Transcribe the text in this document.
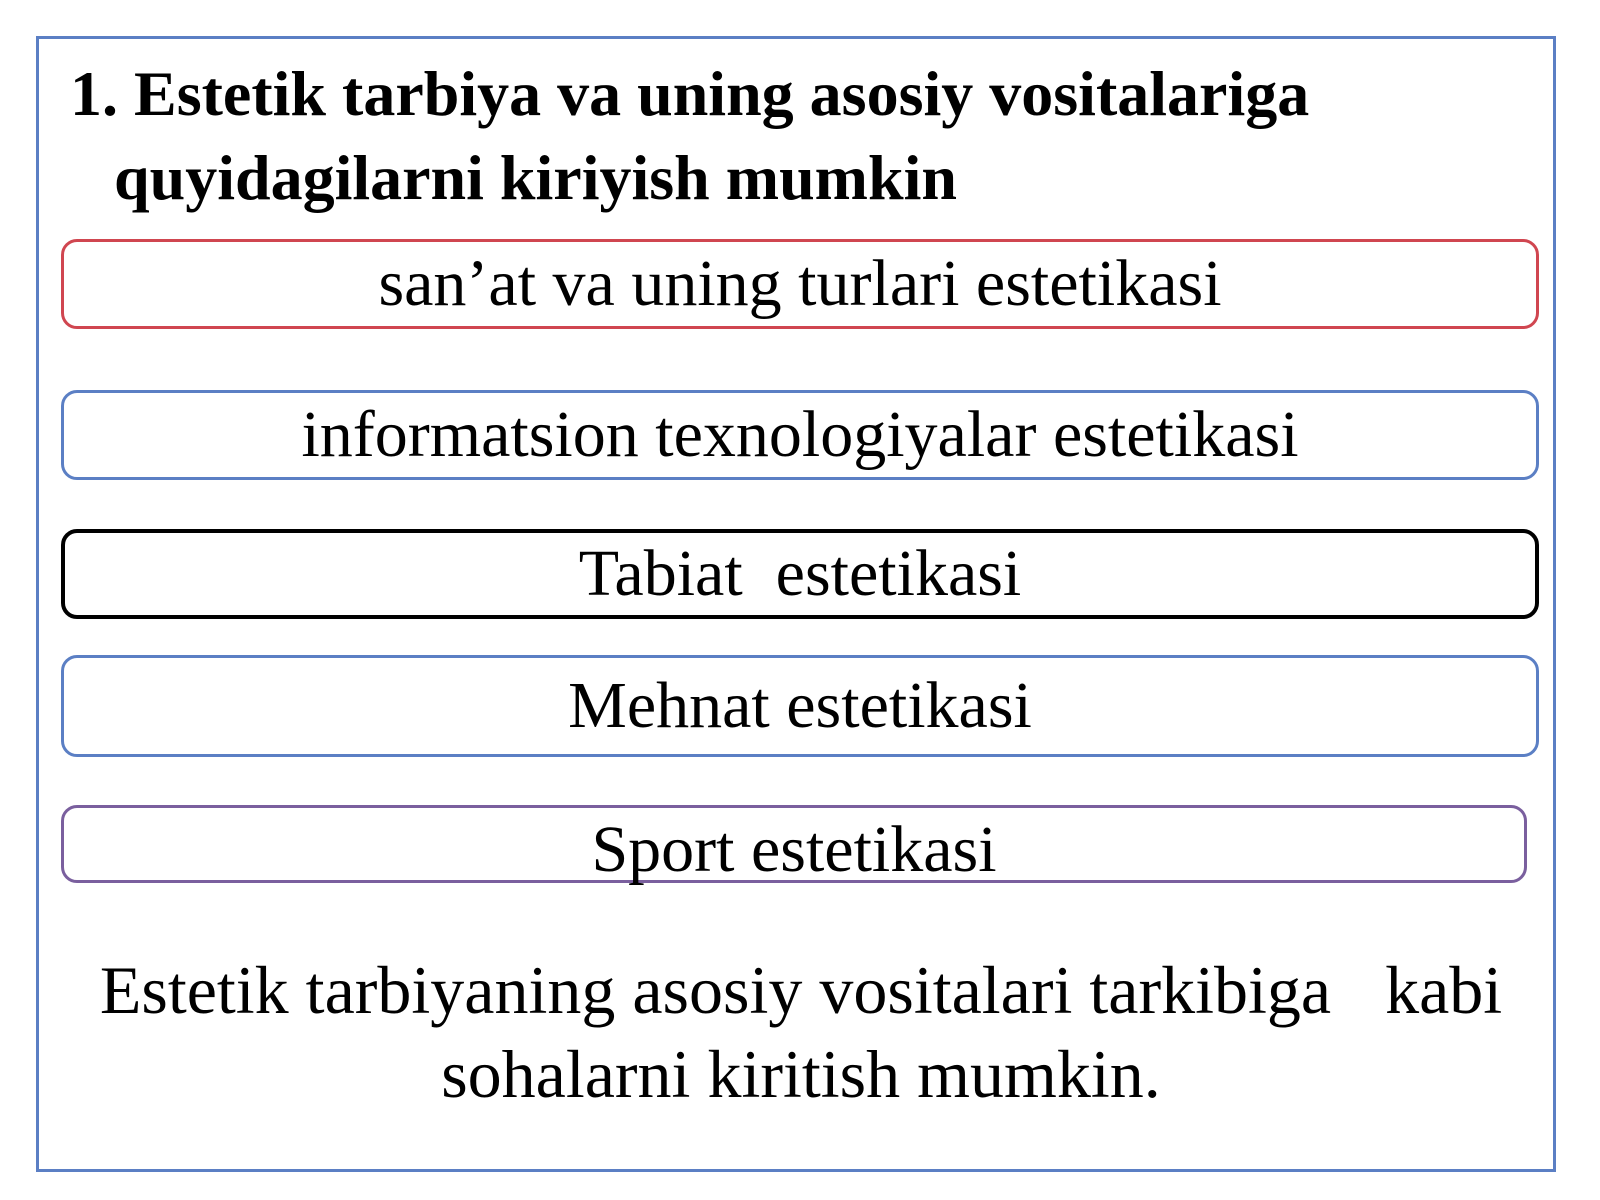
1. Estetik tarbiya va uning asosiy vositalariga
quyidagilarni kiriyish mumkin
san’at va uning turlari estetikasi
informatsion texnologiyalar estetikasi
Tabiat  estetikasi
Mehnat estetikasi
Sport estetikasi

Estetik tarbiyaning asosiy vositalari tarkibiga kabi
sohalarni kiritish mumkin.
